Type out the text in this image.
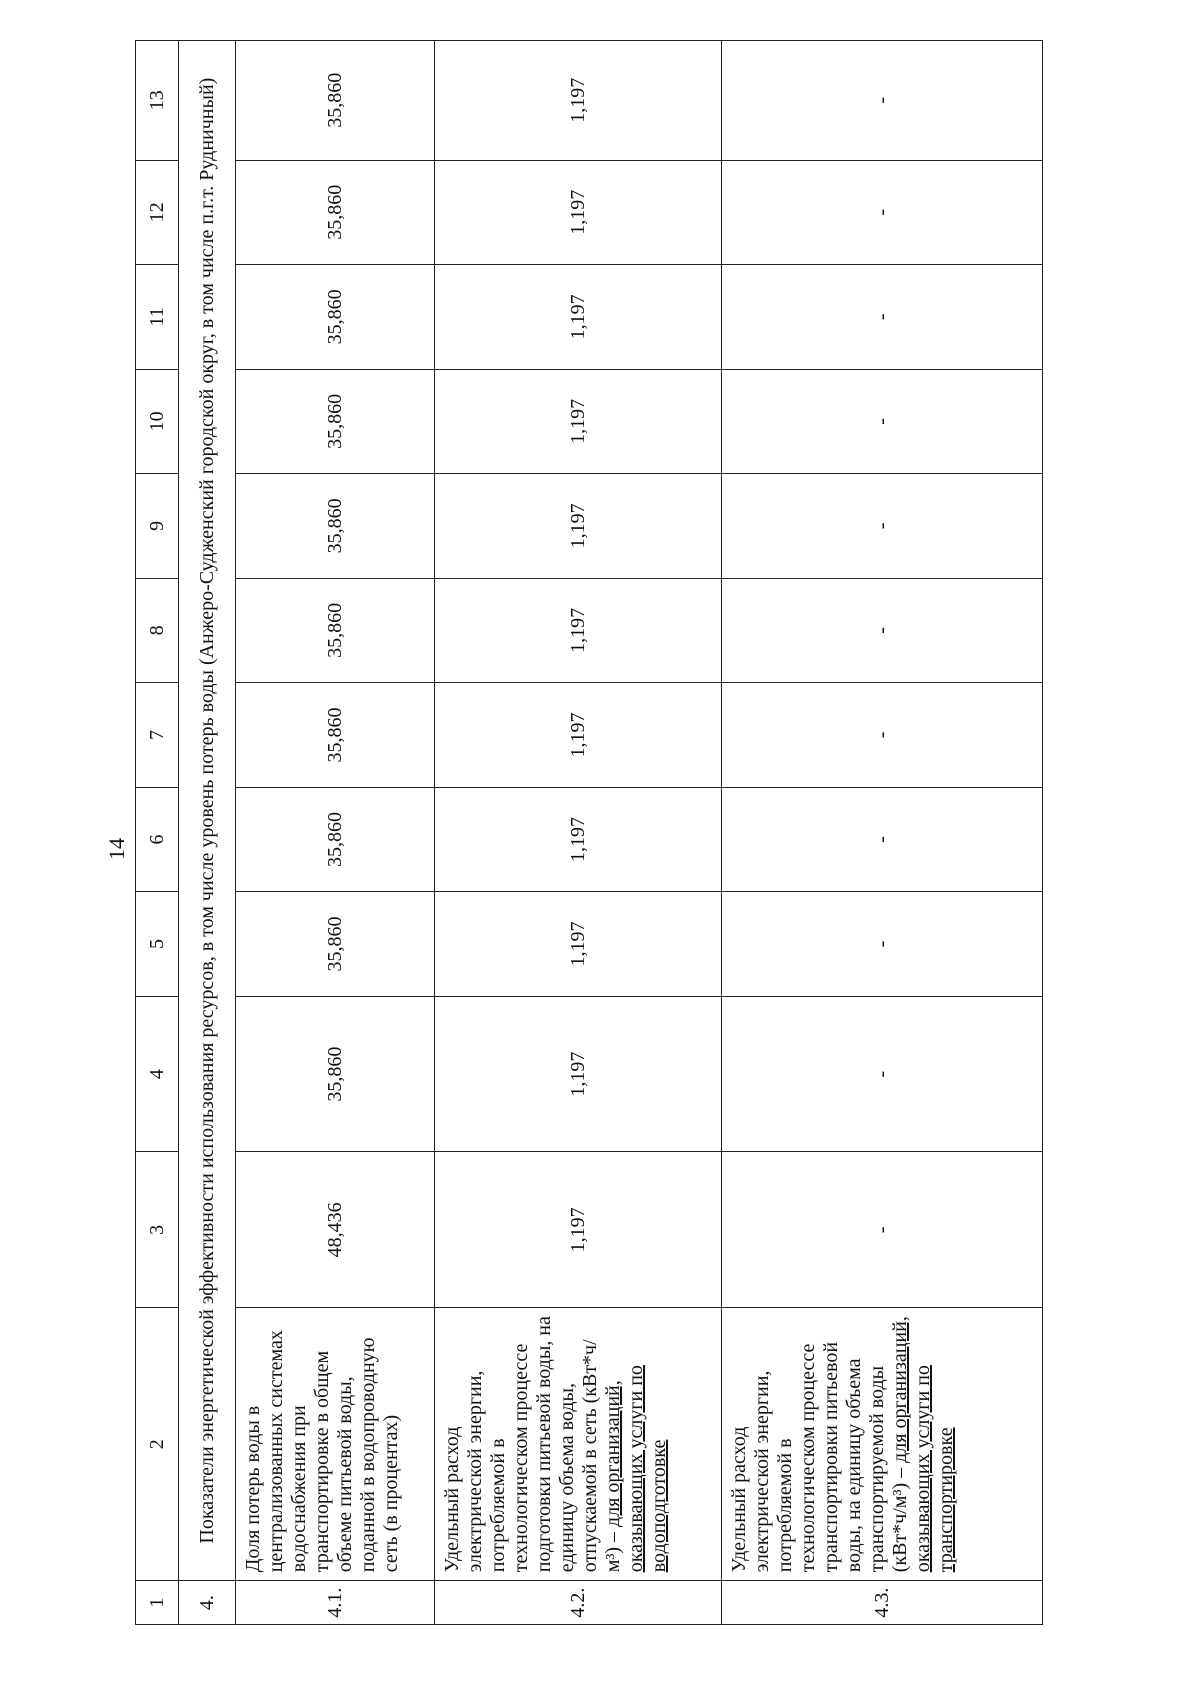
14
1	2	3	4	5	6	7	8	9	10	11	12	13
4.	Показатели энергетической эффективности использования ресурсов, в том числе уровень потерь воды (Анжеро-Судженский городской округ, в том числе п.г.т. Рудничный)											
4.1.	Доля потерь воды в централизованных системах водоснабжения при транспортировке в общем объеме питьевой воды, поданной в водопроводную сеть (в процентах)	48,436	35,860	35,860	35,860	35,860	35,860	35,860	35,860	35,860	35,860	35,860
4.2.	Удельный расход электрической энергии, потребляемой в технологическом процессе подготовки питьевой воды, на единицу объема воды, отпускаемой в сеть (кВт*ч/м³) – для организаций, оказывающих услуги по водоподготовке	1,197	1,197	1,197	1,197	1,197	1,197	1,197	1,197	1,197	1,197	1,197
4.3.	Удельный расход электрической энергии, потребляемой в технологическом процессе транспортировки питьевой воды, на единицу объема транспортируемой воды (кВт*ч/м³) – для организаций, оказывающих услуги по транспортировке	-	-	-	-	-	-	-	-	-	-	-
